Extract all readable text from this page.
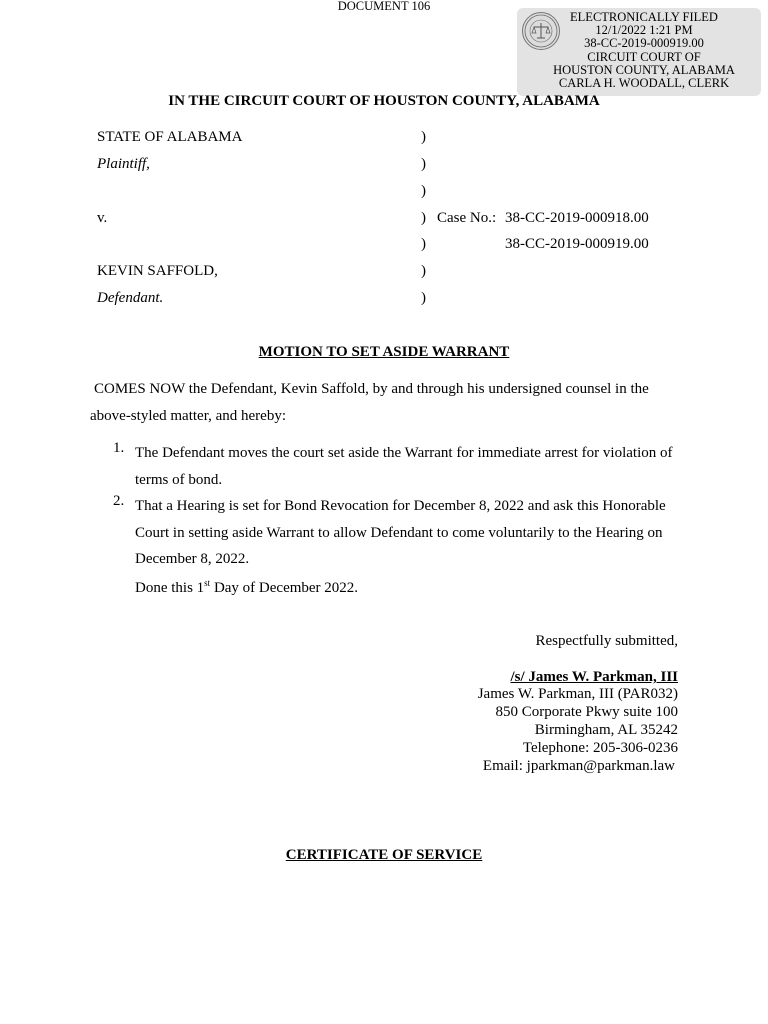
DOCUMENT 106
ELECTRONICALLY FILED
12/1/2022 1:21 PM
38-CC-2019-000919.00
CIRCUIT COURT OF
HOUSTON COUNTY, ALABAMA
CARLA H. WOODALL, CLERK
IN THE CIRCUIT COURT OF HOUSTON COUNTY, ALABAMA
STATE OF ALABAMA
Plaintiff,
v.
KEVIN SAFFOLD,
Defendant.
)
)
)
)
)
)
)
Case No.: 38-CC-2019-000918.00
38-CC-2019-000919.00
MOTION TO SET ASIDE WARRANT
COMES NOW the Defendant, Kevin Saffold, by and through his undersigned counsel in the above-styled matter, and hereby:
1. The Defendant moves the court set aside the Warrant for immediate arrest for violation of terms of bond.
2. That a Hearing is set for Bond Revocation for December 8, 2022 and ask this Honorable Court in setting aside Warrant to allow Defendant to come voluntarily to the Hearing on December 8, 2022.
Done this 1st Day of December 2022.
Respectfully submitted,
/s/ James W. Parkman, III
James W. Parkman, III (PAR032)
850 Corporate Pkwy suite 100
Birmingham, AL 35242
Telephone: 205-306-0236
Email: jparkman@parkman.law
CERTIFICATE OF SERVICE
